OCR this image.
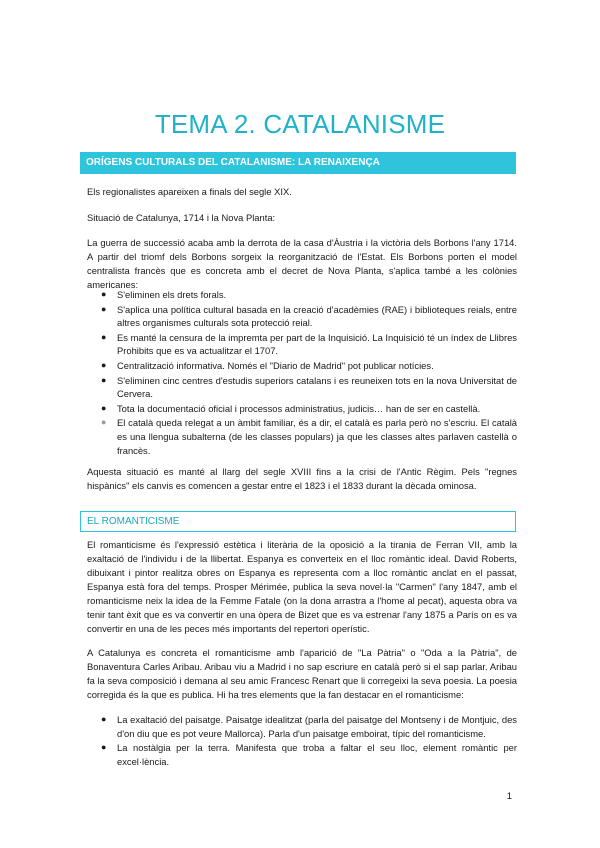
TEMA 2. CATALANISME
ORÍGENS CULTURALS DEL CATALANISME: LA RENAIXENÇA

Els regionalistes apareixen a finals del segle XIX.

Situació de Catalunya, 1714 i la Nova Planta:

La guerra de successió acaba amb la derrota de la casa d'Àustria i la victòria dels Borbons l'any 1714. A partir del triomf dels Borbons sorgeix la reorganització de l'Estat. Els Borbons porten el model centralista francès que es concreta amb el decret de Nova Planta, s'aplica també a les colònies americanes:

● S'eliminen els drets forals.
● S'aplica una política cultural basada en la creació d'acadèmies (RAE) i biblioteques reials, entre altres organismes culturals sota protecció reial.
● Es manté la censura de la impremta per part de la Inquisició. La Inquisició té un índex de Llibres Prohibits que es va actualitzar el 1707.
● Centralització informativa. Només el "Diario de Madrid" pot publicar notícies.
● S'eliminen cinc centres d'estudis superiors catalans i es reuneixen tots en la nova Universitat de Cervera.
● Tota la documentació oficial i processos administratius, judicis… han de ser en castellà.
● El català queda relegat a un àmbit familiar, és a dir, el català es parla però no s'escriu. El català es una llengua subalterna (de les classes populars) ja que les classes altes parlaven castellà o francès.

Aquesta situació es manté al llarg del segle XVIII fins a la crisi de l'Antic Règim. Pels "regnes hispànics" els canvis es comencen a gestar entre el 1823 i el 1833 durant la dècada ominosa.

EL ROMANTICISME

El romanticisme és l'expressió estètica i literària de la oposició a la tirania de Ferran VII, amb la exaltació de l'individu i de la llibertat. Espanya es converteix en el lloc romàntic ideal. David Roberts, dibuixant i pintor realitza obres on Espanya es representa com a lloc romàntic anclat en el passat, Espanya està fora del temps. Prosper Mérimée, publica la seva novel·la "Carmen" l'any 1847, amb el romanticisme neix la idea de la Femme Fatale (on la dona arrastra a l'home al pecat), aquesta obra va tenir tant èxit que es va convertir en una òpera de Bizet que es va estrenar l'any 1875 a París on es va convertir en una de les peces més importants del repertori operístic.

A Catalunya es concreta el romanticisme amb l'aparició de "La Pàtria" o "Oda a la Pàtria", de Bonaventura Carles Aribau. Aribau viu a Madrid i no sap escriure en català però si el sap parlar. Aribau fa la seva composició i demana al seu amic Francesc Renart que li corregeixi la seva poesia. La poesia corregida és la que es publica. Hi ha tres elements que la fan destacar en el romanticisme:

● La exaltació del paisatge. Paisatge idealitzat (parla del paisatge del Montseny i de Montjuic, des d'on diu que es pot veure Mallorca). Parla d'un paisatge emboirat, típic del romanticisme.
● La nostàlgia per la terra. Manifesta que troba a faltar el seu lloc, element romàntic per excel·lència.
1
